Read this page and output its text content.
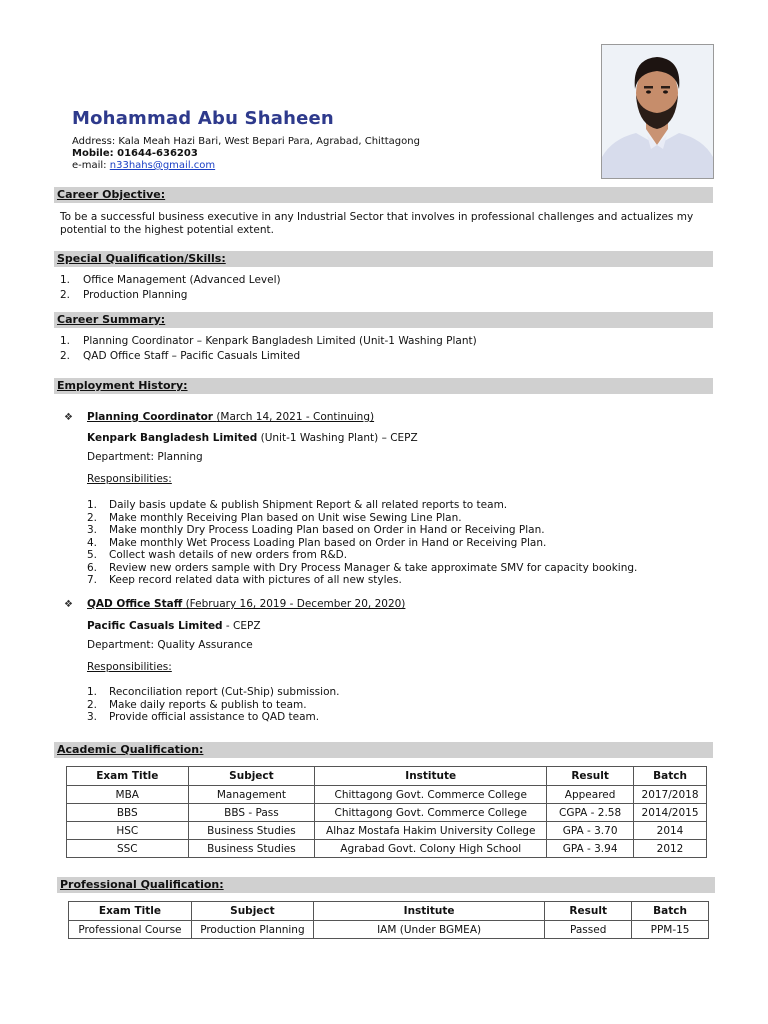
Mohammad Abu Shaheen
Address: Kala Meah Hazi Bari, West Bepari Para, Agrabad, Chittagong
Mobile: 01644-636203
e-mail: n33hahs@gmail.com
Career Objective:
To be a successful business executive in any Industrial Sector that involves in professional challenges and actualizes my potential to the highest potential extent.
Special Qualification/Skills:
1.	Office Management (Advanced Level)
2.	Production Planning
Career Summary:
1.	Planning Coordinator – Kenpark Bangladesh Limited (Unit-1 Washing Plant)
2.	QAD Office Staff – Pacific Casuals Limited
Employment History:
❖	Planning Coordinator (March 14, 2021 - Continuing)
Kenpark Bangladesh Limited (Unit-1 Washing Plant) – CEPZ
Department: Planning
Responsibilities:
1.	Daily basis update & publish Shipment Report & all related reports to team.
2.	Make monthly Receiving Plan based on Unit wise Sewing Line Plan.
3.	Make monthly Dry Process Loading Plan based on Order in Hand or Receiving Plan.
4.	Make monthly Wet Process Loading Plan based on Order in Hand or Receiving Plan.
5.	Collect wash details of new orders from R&D.
6.	Review new orders sample with Dry Process Manager & take approximate SMV for capacity booking.
7.	Keep record related data with pictures of all new styles.
❖	QAD Office Staff (February 16, 2019 - December 20, 2020)
Pacific Casuals Limited - CEPZ
Department: Quality Assurance
Responsibilities:
1.	Reconciliation report (Cut-Ship) submission.
2.	Make daily reports & publish to team.
3.	Provide official assistance to QAD team.
Academic Qualification:
Exam Title	Subject	Institute	Result	Batch
MBA	Management	Chittagong Govt. Commerce College	Appeared	2017/2018
BBS	BBS - Pass	Chittagong Govt. Commerce College	CGPA - 2.58	2014/2015
HSC	Business Studies	Alhaz Mostafa Hakim University College	GPA - 3.70	2014
SSC	Business Studies	Agrabad Govt. Colony High School	GPA - 3.94	2012
Professional Qualification:
Exam Title	Subject	Institute	Result	Batch
Professional Course	Production Planning	IAM (Under BGMEA)	Passed	PPM-15
